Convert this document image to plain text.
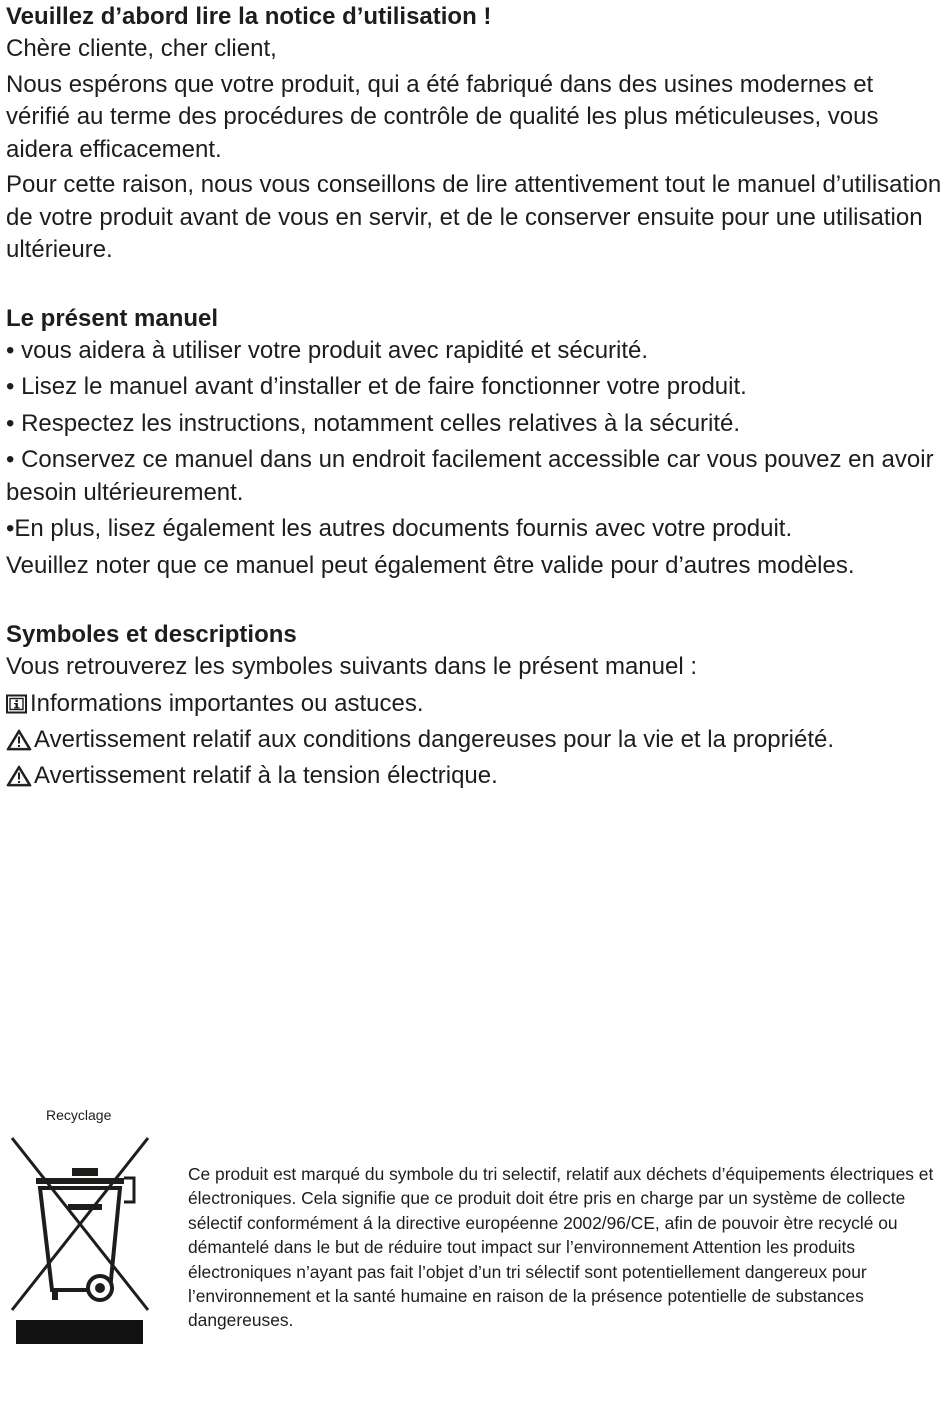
Veuillez d’abord lire la notice d’utilisation !

Chère cliente, cher client,

Nous espérons que votre produit, qui a été fabriqué dans des usines modernes et vérifié au terme des procédures de contrôle de qualité les plus méticuleuses, vous aidera efficacement.

Pour cette raison, nous vous conseillons de lire attentivement tout le manuel d’utilisation de votre produit avant de vous en servir, et de le conserver ensuite pour une utilisation ultérieure.

Le présent manuel

• vous aidera à utiliser votre produit avec rapidité et sécurité.

• Lisez le manuel avant d’installer et de faire fonctionner votre produit.

• Respectez les instructions, notamment celles relatives à la sécurité.

• Conservez ce manuel dans un endroit facilement accessible car vous pouvez en avoir besoin ultérieurement.

•En plus, lisez également les autres documents fournis avec votre produit.

Veuillez noter que ce manuel peut également être valide pour d’autres modèles.

Symboles et descriptions

Vous retrouverez les symboles suivants dans le présent manuel :

Informations importantes ou astuces.
Avertissement relatif aux conditions dangereuses pour la vie et la propriété.
Avertissement relatif à la tension électrique.
Recyclage
Ce produit est marqué du symbole du tri selectif, relatif aux déchets d’équipements électriques et électroniques. Cela signifie que ce produit doit étre pris en charge par un système de collecte sélectif conformément á la directive européenne 2002/96/CE, afin de pouvoir ètre recyclé ou démantelé dans le but de réduire tout impact sur l’environnement Attention les produits électroniques n’ayant pas fait l’objet d’un tri sélectif sont potentiellement dangereux pour l’environnement et la santé humaine en raison de la présence potentielle de substances dangereuses.
